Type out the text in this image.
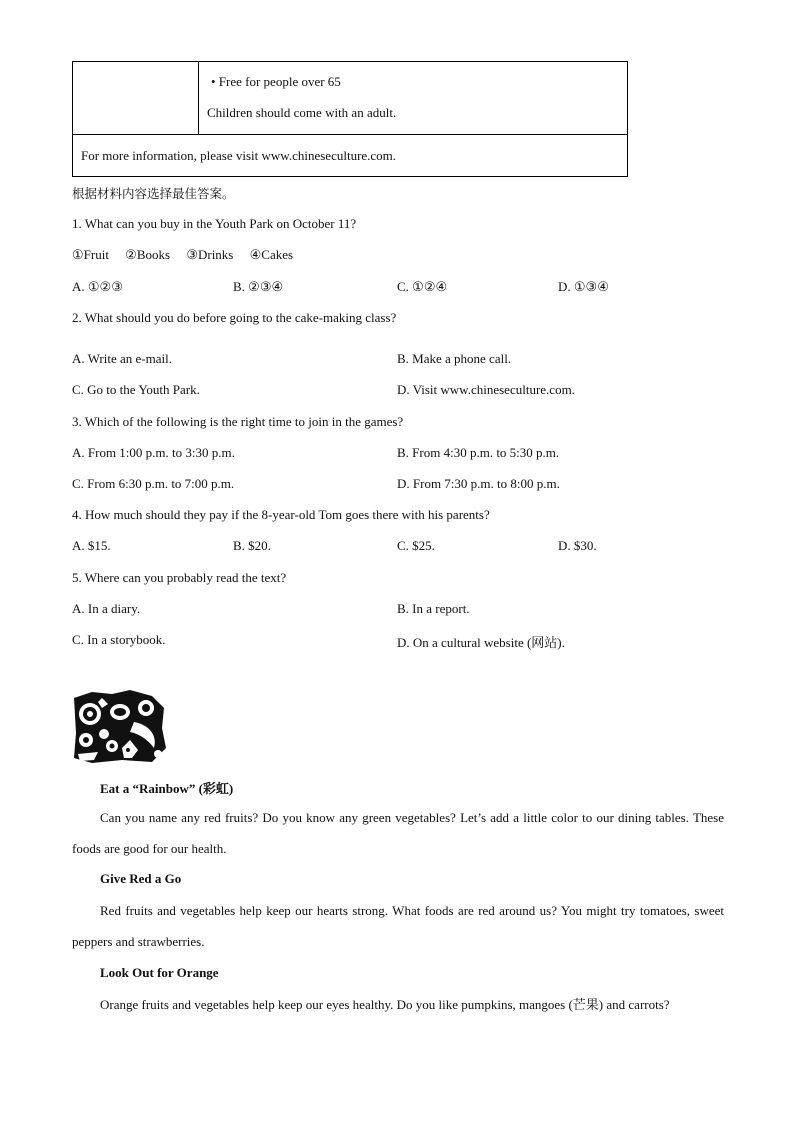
• Free for people over 65
Children should come with an adult.

For more information, please visit www.chineseculture.com.
根据材料内容选择最佳答案。
1. What can you buy in the Youth Park on October 11?
①Fruit     ②Books     ③Drinks     ④Cakes
A. ①②③	B. ②③④	C. ①②④	D. ①③④
2. What should you do before going to the cake-making class?
A. Write an e-mail.	B. Make a phone call.
C. Go to the Youth Park.	D. Visit www.chineseculture.com.
3. Which of the following is the right time to join in the games?
A. From 1:00 p.m. to 3:30 p.m.	B. From 4:30 p.m. to 5:30 p.m.
C. From 6:30 p.m. to 7:00 p.m.	D. From 7:30 p.m. to 8:00 p.m.
4. How much should they pay if the 8-year-old Tom goes there with his parents?
A. $15.	B. $20.	C. $25.	D. $30.
5. Where can you probably read the text?
A. In a diary.	B. In a report.
C. In a storybook.	D. On a cultural website (网站).
Eat a “Rainbow” (彩虹)
Can you name any red fruits? Do you know any green vegetables? Let’s add a little color to our dining tables. These foods are good for our health.
Give Red a Go
Red fruits and vegetables help keep our hearts strong. What foods are red around us? You might try tomatoes, sweet peppers and strawberries.
Look Out for Orange
Orange fruits and vegetables help keep our eyes healthy. Do you like pumpkins, mangoes (芒果) and carrots?
